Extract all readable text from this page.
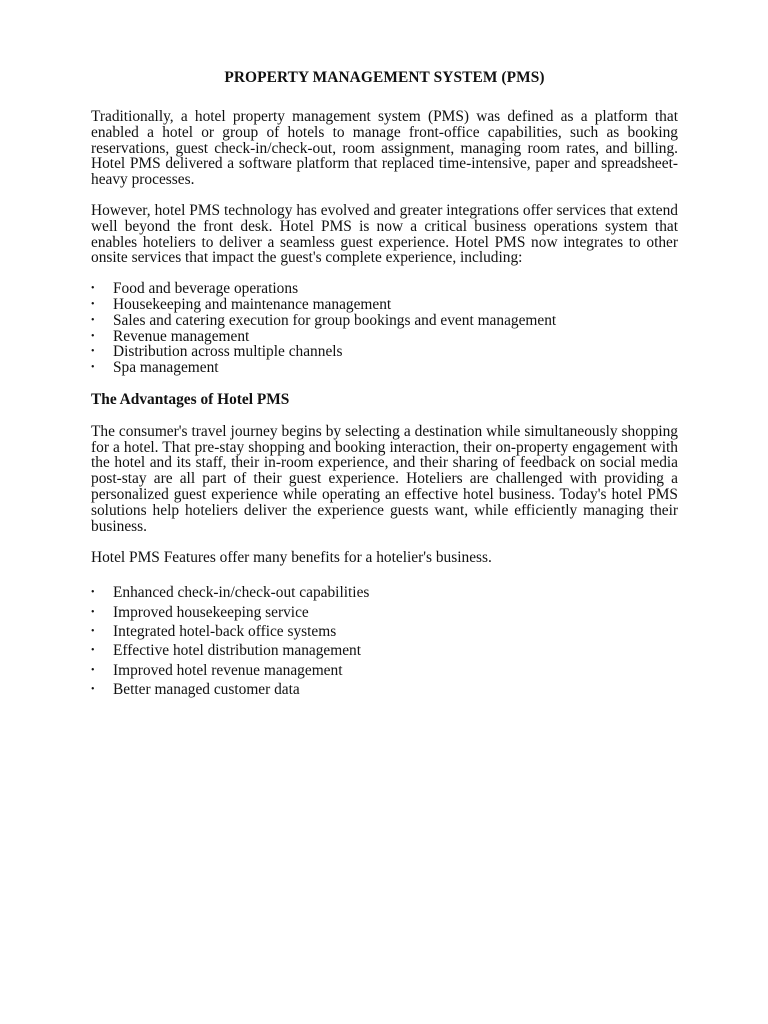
PROPERTY MANAGEMENT SYSTEM (PMS)

Traditionally, a hotel property management system (PMS) was defined as a platform that enabled a hotel or group of hotels to manage front-office capabilities, such as booking reservations, guest check-in/check-out, room assignment, managing room rates, and billing. Hotel PMS delivered a software platform that replaced time-intensive, paper and spreadsheet-heavy processes.

However, hotel PMS technology has evolved and greater integrations offer services that extend well beyond the front desk. Hotel PMS is now a critical business operations system that enables hoteliers to deliver a seamless guest experience. Hotel PMS now integrates to other onsite services that impact the guest's complete experience, including:

• Food and beverage operations
• Housekeeping and maintenance management
• Sales and catering execution for group bookings and event management
• Revenue management
• Distribution across multiple channels
• Spa management
The Advantages of Hotel PMS

The consumer's travel journey begins by selecting a destination while simultaneously shopping for a hotel. That pre-stay shopping and booking interaction, their on-property engagement with the hotel and its staff, their in-room experience, and their sharing of feedback on social media post-stay are all part of their guest experience. Hoteliers are challenged with providing a personalized guest experience while operating an effective hotel business. Today's hotel PMS solutions help hoteliers deliver the experience guests want, while efficiently managing their business.

Hotel PMS Features offer many benefits for a hotelier's business.

• Enhanced check-in/check-out capabilities
• Improved housekeeping service
• Integrated hotel-back office systems
• Effective hotel distribution management
• Improved hotel revenue management
• Better managed customer data
